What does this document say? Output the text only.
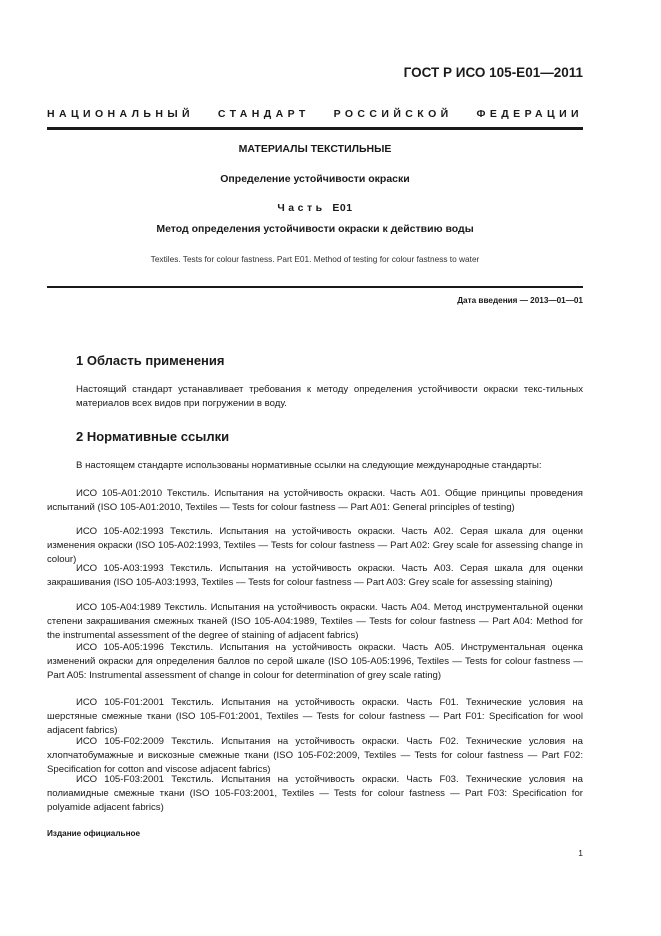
ГОСТ Р ИСО 105-Е01—2011
НАЦИОНАЛЬНЫЙ СТАНДАРТ РОССИЙСКОЙ ФЕДЕРАЦИИ
МАТЕРИАЛЫ ТЕКСТИЛЬНЫЕ
Определение устойчивости окраски
Часть Е01
Метод определения устойчивости окраски к действию воды
Textiles. Tests for colour fastness. Part E01. Method of testing for colour fastness to water
Дата введения — 2013—01—01
1 Область применения

Настоящий стандарт устанавливает требования к методу определения устойчивости окраски текс-тильных материалов всех видов при погружении в воду.

2 Нормативные ссылки

В настоящем стандарте использованы нормативные ссылки на следующие международные стандарты:

ИСО 105-А01:2010 Текстиль. Испытания на устойчивость окраски. Часть А01. Общие принципы проведения испытаний (ISO 105-A01:2010, Textiles — Tests for colour fastness — Part A01: General principles of testing)

ИСО 105-А02:1993 Текстиль. Испытания на устойчивость окраски. Часть А02. Серая шкала для оценки изменения окраски (ISO 105-A02:1993, Textiles — Tests for colour fastness — Part A02: Grey scale for assessing change in colour)

ИСО 105-А03:1993 Текстиль. Испытания на устойчивость окраски. Часть А03. Серая шкала для оценки закрашивания (ISO 105-A03:1993, Textiles — Tests for colour fastness — Part A03: Grey scale for assessing staining)

ИСО 105-А04:1989 Текстиль. Испытания на устойчивость окраски. Часть А04. Метод инструментальной оценки степени закрашивания смежных тканей (ISO 105-A04:1989, Textiles — Tests for colour fastness — Part A04: Method for the instrumental assessment of the degree of staining of adjacent fabrics)

ИСО 105-А05:1996 Текстиль. Испытания на устойчивость окраски. Часть А05. Инструментальная оценка изменений окраски для определения баллов по серой шкале (ISO 105-A05:1996, Textiles — Tests for colour fastness — Part A05: Instrumental assessment of change in colour for determination of grey scale rating)

ИСО 105-F01:2001 Текстиль. Испытания на устойчивость окраски. Часть F01. Технические условия на шерстяные смежные ткани (ISO 105-F01:2001, Textiles — Tests for colour fastness — Part F01: Specification for wool adjacent fabrics)

ИСО 105-F02:2009 Текстиль. Испытания на устойчивость окраски. Часть F02. Технические условия на хлопчатобумажные и вискозные смежные ткани (ISO 105-F02:2009, Textiles — Tests for colour fastness — Part F02: Specification for cotton and viscose adjacent fabrics)

ИСО 105-F03:2001 Текстиль. Испытания на устойчивость окраски. Часть F03. Технические условия на полиамидные смежные ткани (ISO 105-F03:2001, Textiles — Tests for colour fastness — Part F03: Specification for polyamide adjacent fabrics)

Издание официальное
1
